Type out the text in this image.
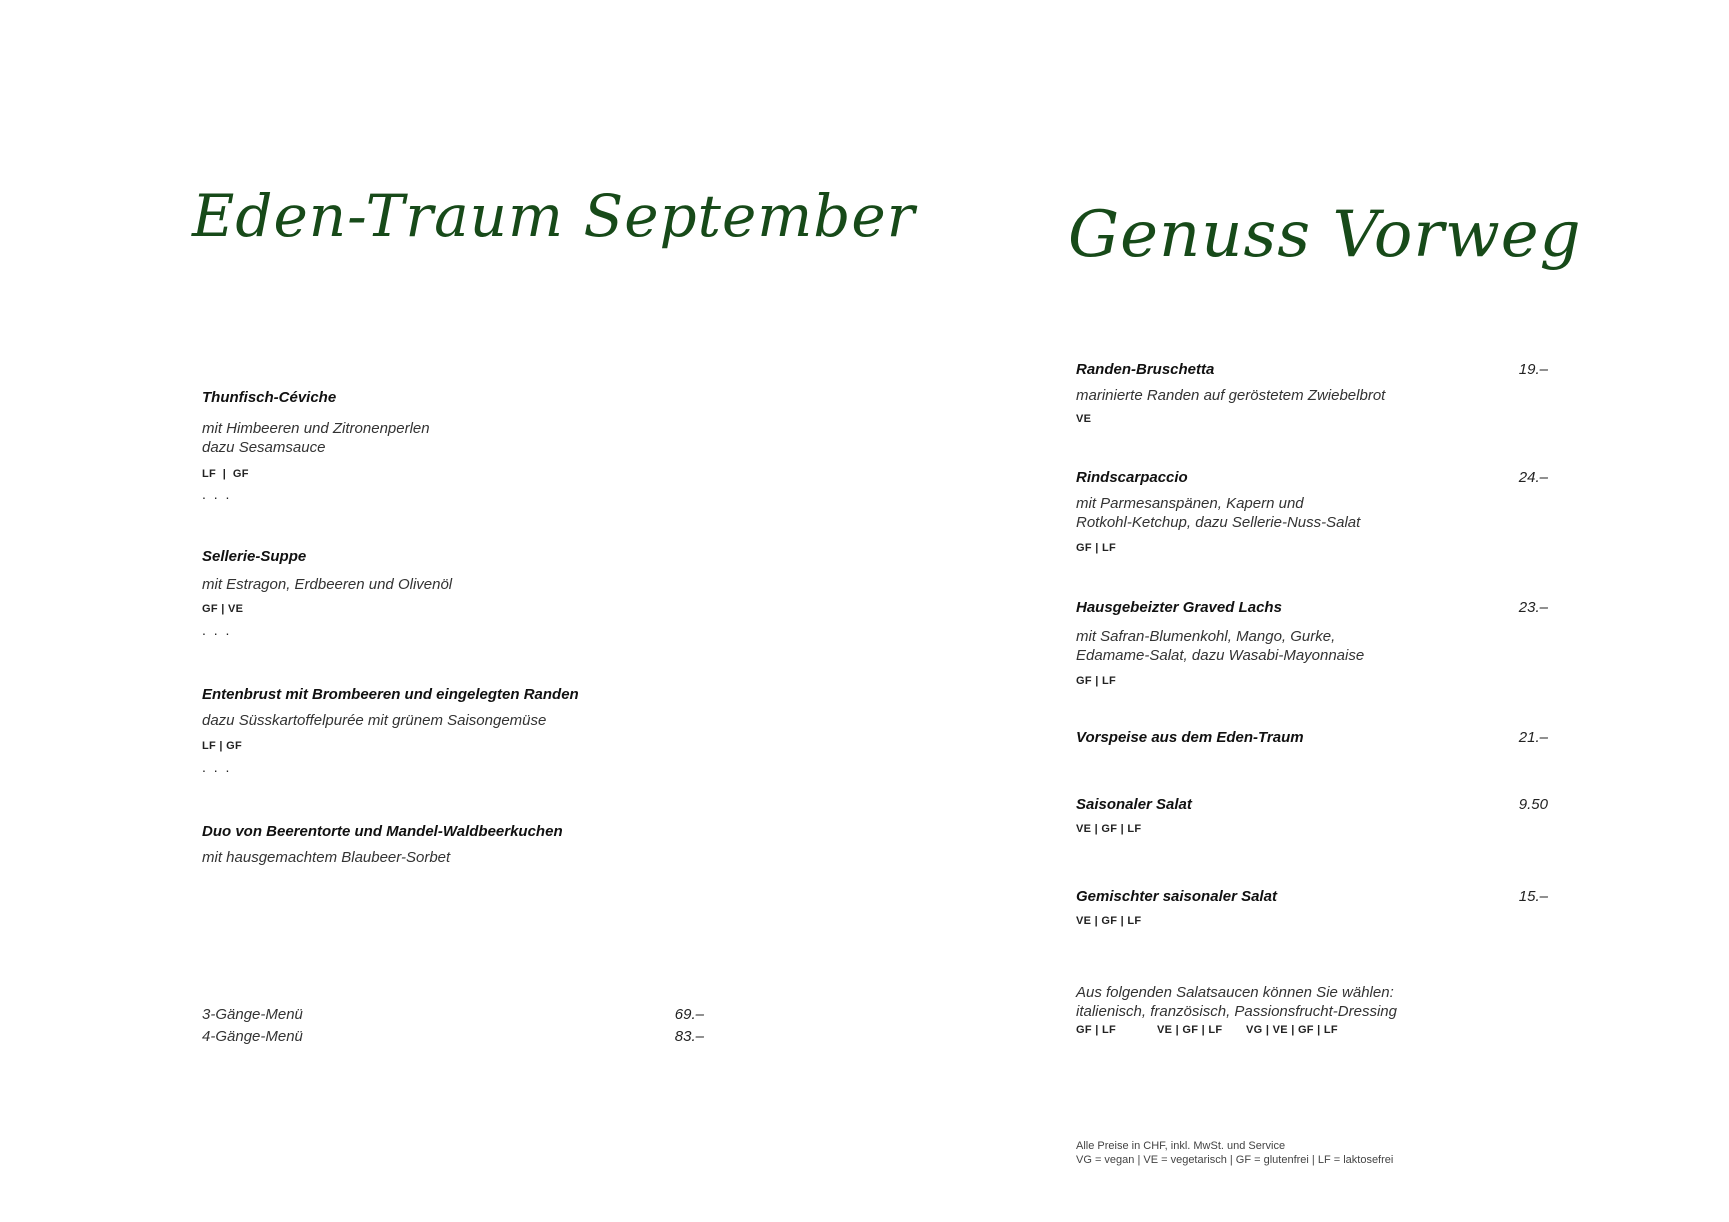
Eden-Traum September
Thunfisch-Céviche
mit Himbeeren und Zitronenperlen
dazu Sesamsauce
LF  |  GF
. . .
Sellerie-Suppe
mit Estragon, Erdbeeren und Olivenöl
GF | VE
. . .
Entenbrust mit Brombeeren und eingelegten Randen
dazu Süsskartoffelpurée mit grünem Saisongemüse
LF | GF
. . .
Duo von Beerentorte und Mandel-Waldbeerkuchen
mit hausgemachtem Blaubeer-Sorbet
3-Gänge-Menü	69.–
4-Gänge-Menü	83.–
Genuss Vorweg
Randen-Bruschetta	19.–
marinierte Randen auf geröstetem Zwiebelbrot
VE
Rindscarpaccio	24.–
mit Parmesanspänen, Kapern und
Rotkohl-Ketchup, dazu Sellerie-Nuss-Salat
GF | LF
Hausgebeizter Graved Lachs	23.–
mit Safran-Blumenkohl, Mango, Gurke,
Edamame-Salat, dazu Wasabi-Mayonnaise
GF | LF
Vorspeise aus dem Eden-Traum	21.–
Saisonaler Salat	9.50
VE | GF | LF
Gemischter saisonaler Salat	15.–
VE | GF | LF
Aus folgenden Salatsaucen können Sie wählen:
italienisch, französisch, Passionsfrucht-Dressing
GF | LF	VE | GF | LF VG | VE | GF | LF
Alle Preise in CHF, inkl. MwSt. und Service
VG = vegan | VE = vegetarisch | GF = glutenfrei | LF = laktosefrei
